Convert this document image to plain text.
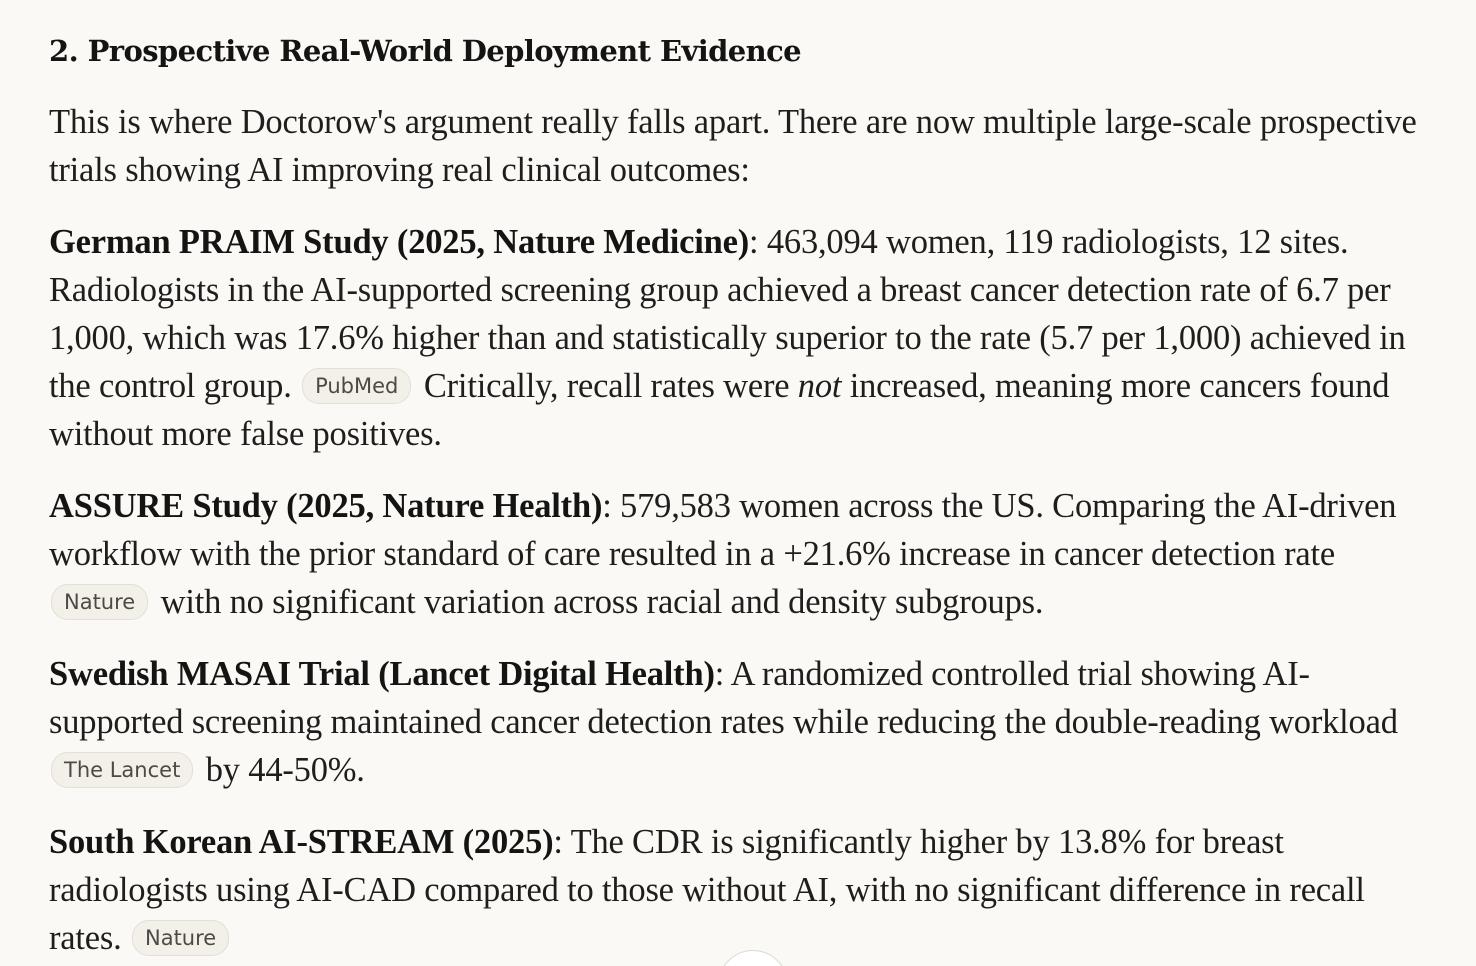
2. Prospective Real-World Deployment Evidence

This is where Doctorow's argument really falls apart. There are now multiple large-scale prospective trials showing AI improving real clinical outcomes:

German PRAIM Study (2025, Nature Medicine): 463,094 women, 119 radiologists, 12 sites. Radiologists in the AI-supported screening group achieved a breast cancer detection rate of 6.7 per 1,000, which was 17.6% higher than and statistically superior to the rate (5.7 per 1,000) achieved in the control group. PubMed Critically, recall rates were not increased, meaning more cancers found without more false positives.

ASSURE Study (2025, Nature Health): 579,583 women across the US. Comparing the AI-driven workflow with the prior standard of care resulted in a +21.6% increase in cancer detection rate Nature with no significant variation across racial and density subgroups.

Swedish MASAI Trial (Lancet Digital Health): A randomized controlled trial showing AI-supported screening maintained cancer detection rates while reducing the double-reading workload The Lancet by 44-50%.

South Korean AI-STREAM (2025): The CDR is significantly higher by 13.8% for breast radiologists using AI-CAD compared to those without AI, with no significant difference in recall rates. Nature
